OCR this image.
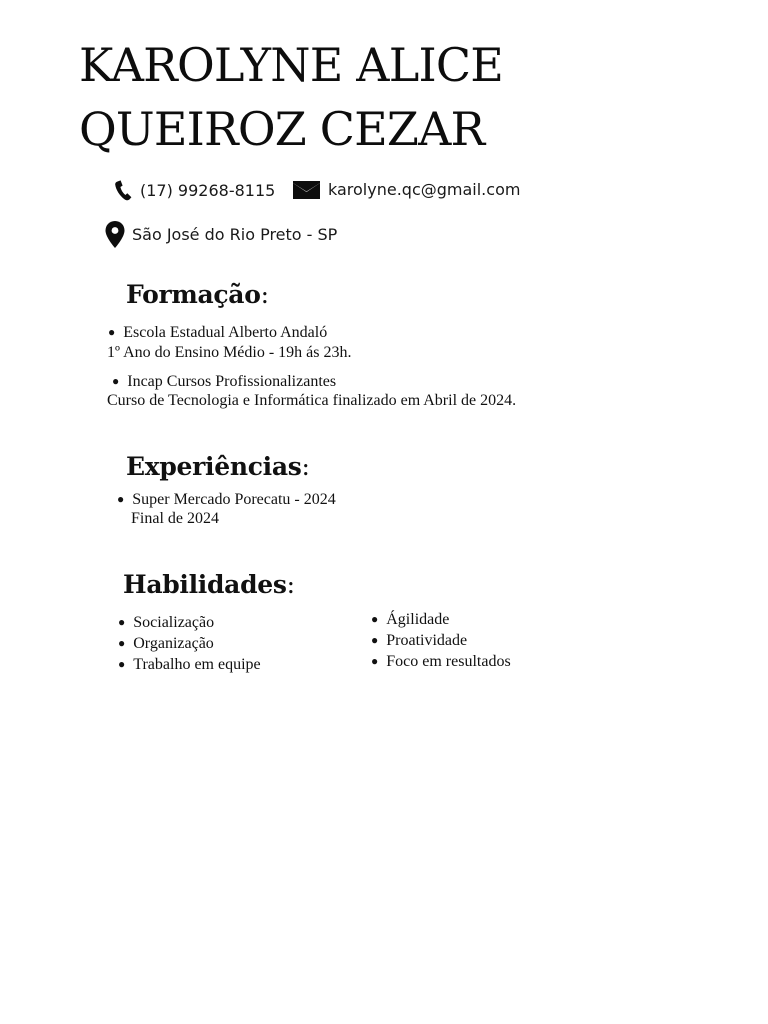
KAROLYNE ALICE
QUEIROZ CEZAR
(17) 99268-8115	karolyne.qc@gmail.com
São José do Rio Preto - SP
Formação:
● Escola Estadual Alberto Andaló
1º Ano do Ensino Médio - 19h ás 23h.
● Incap Cursos Profissionalizantes
Curso de Tecnologia e Informática finalizado em Abril de 2024.
Experiências:
● Super Mercado Porecatu - 2024
Final de 2024
Habilidades:
● Socialização
● Organização
● Trabalho em equipe
● Ágilidade
● Proatividade
● Foco em resultados
